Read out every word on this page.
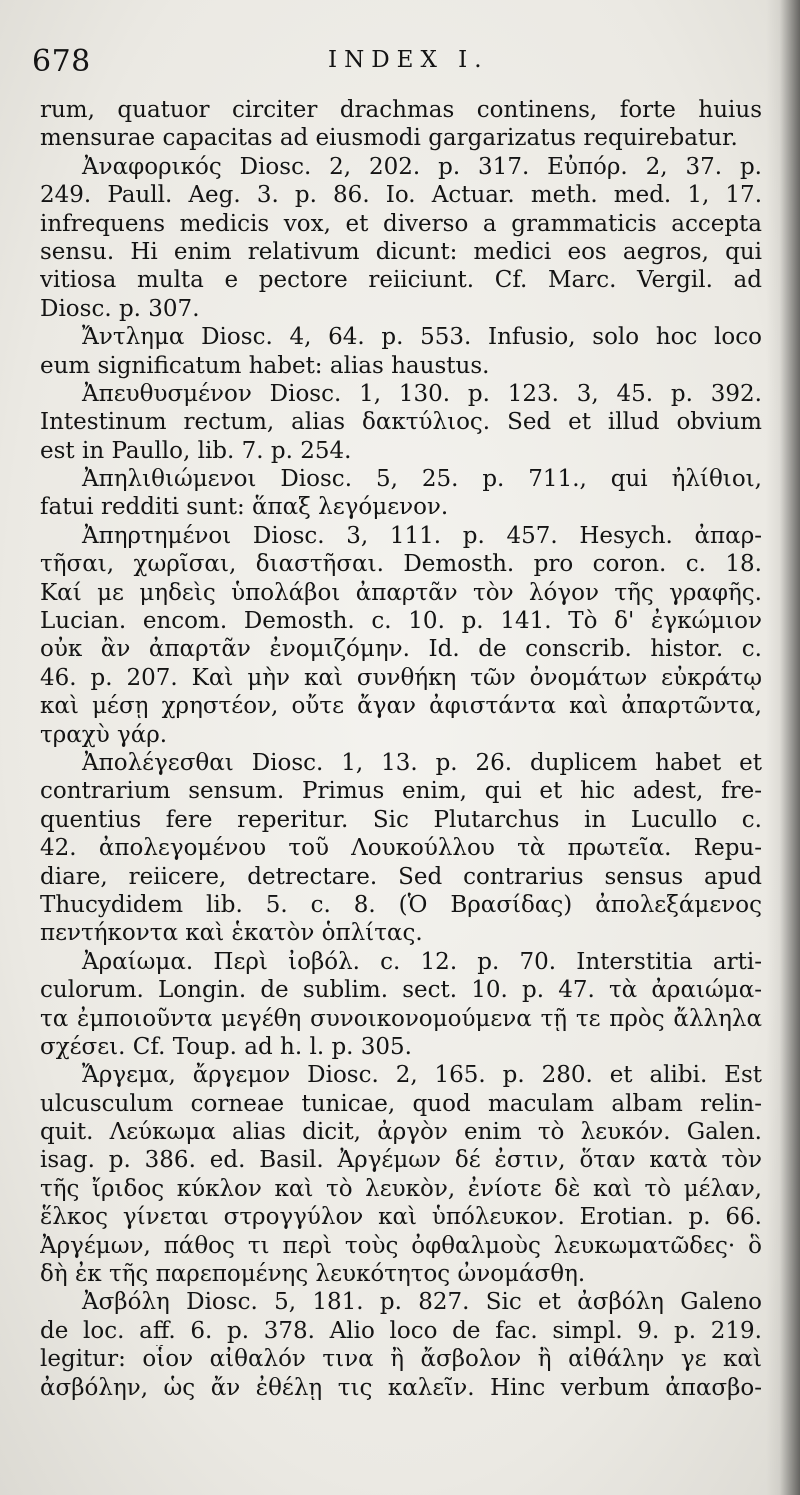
678	INDEX I.
rum, quatuor circiter drachmas continens, forte huius
mensurae capacitas ad eiusmodi gargarizatus requirebatur.
Ἀναφορικός Diosc. 2, 202. p. 317. Εὐπόρ. 2, 37. p.
249. Paull. Aeg. 3. p. 86. Io. Actuar. meth. med. 1, 17.
infrequens medicis vox, et diverso a grammaticis accepta
sensu. Hi enim relativum dicunt: medici eos aegros, qui
vitiosa multa e pectore reiiciunt. Cf. Marc. Vergil. ad
Diosc. p. 307.
Ἄντλημα Diosc. 4, 64. p. 553. Infusio, solo hoc loco
eum significatum habet: alias haustus.
Ἀπευθυσμένον Diosc. 1, 130. p. 123. 3, 45. p. 392.
Intestinum rectum, alias δακτύλιος. Sed et illud obvium
est in Paullo, lib. 7. p. 254.
Ἀπηλιθιώμενοι Diosc. 5, 25. p. 711., qui ἠλίθιοι,
fatui redditi sunt: ἅπαξ λεγόμενον.
Ἀπηρτημένοι Diosc. 3, 111. p. 457. Hesych. ἀπαρ-
τῆσαι, χωρῖσαι, διαστῆσαι. Demosth. pro coron. c. 18.
Καί με μηδεὶς ὑπολάβοι ἀπαρτᾶν τὸν λόγον τῆς γραφῆς.
Lucian. encom. Demosth. c. 10. p. 141. Τὸ δ' ἐγκώμιον
οὐκ ἂν ἀπαρτᾶν ἐνομιζόμην. Id. de conscrib. histor. c.
46. p. 207. Καὶ μὴν καὶ συνθήκη τῶν ὀνομάτων εὐκράτῳ
καὶ μέσῃ χρηστέον, οὔτε ἄγαν ἀφιστάντα καὶ ἀπαρτῶντα,
τραχὺ γάρ.
Ἀπολέγεσθαι Diosc. 1, 13. p. 26. duplicem habet et
contrarium sensum. Primus enim, qui et hic adest, fre-
quentius fere reperitur. Sic Plutarchus in Lucullo c.
42. ἀπολεγομένου τοῦ Λουκούλλου τὰ πρωτεῖα. Repu-
diare, reiicere, detrectare. Sed contrarius sensus apud
Thucydidem lib. 5. c. 8. (Ὁ Βρασίδας) ἀπολεξάμενος
πεντήκοντα καὶ ἑκατὸν ὁπλίτας.
Ἀραίωμα. Περὶ ἰοβόλ. c. 12. p. 70. Interstitia arti-
culorum. Longin. de sublim. sect. 10. p. 47. τὰ ἀραιώμα-
τα ἐμποιοῦντα μεγέθη συνοικονομούμενα τῇ τε πρὸς ἄλληλα
σχέσει. Cf. Toup. ad h. l. p. 305.
Ἄργεμα, ἄργεμον Diosc. 2, 165. p. 280. et alibi. Est
ulcusculum corneae tunicae, quod maculam albam relin-
quit. Λεύκωμα alias dicit, ἀργὸν enim τὸ λευκόν. Galen.
isag. p. 386. ed. Basil. Ἀργέμων δέ ἐστιν, ὅταν κατὰ τὸν
τῆς ἴριδος κύκλον καὶ τὸ λευκὸν, ἐνίοτε δὲ καὶ τὸ μέλαν,
ἕλκος γίνεται στρογγύλον καὶ ὑπόλευκον. Erotian. p. 66.
Ἀργέμων, πάθος τι περὶ τοὺς ὀφθαλμοὺς λευκωματῶδες· ὃ
δὴ ἐκ τῆς παρεπομένης λευκότητος ὠνομάσθη.
Ἀσβόλη Diosc. 5, 181. p. 827. Sic et ἀσβόλη Galeno
de loc. aff. 6. p. 378. Alio loco de fac. simpl. 9. p. 219.
legitur: οἷον αἰθαλόν τινα ἢ ἄσβολον ἢ αἰθάλην γε καὶ
ἀσβόλην, ὡς ἄν ἐθέλῃ τις καλεῖν. Hinc verbum ἀπασβο-
